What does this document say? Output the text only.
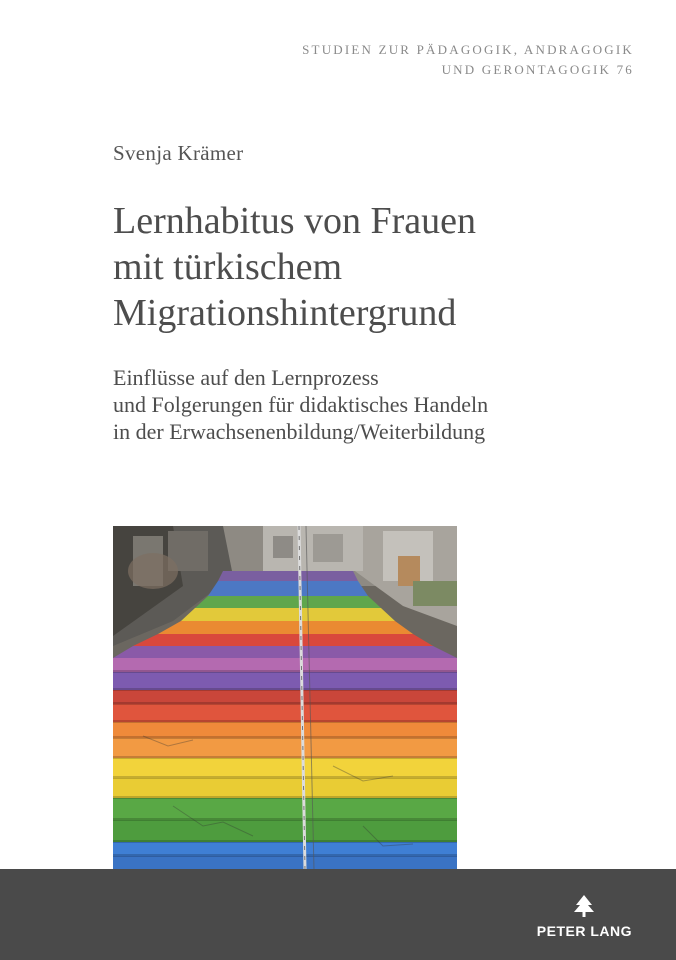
STUDIEN ZUR PÄDAGOGIK, ANDRAGOGIK
UND GERONTAGOGIK 76
Svenja Krämer
Lernhabitus von Frauen
mit türkischem
Migrationshintergrund
Einflüsse auf den Lernprozess
und Folgerungen für didaktisches Handeln
in der Erwachsenenbildung/Weiterbildung
PETER LANG
